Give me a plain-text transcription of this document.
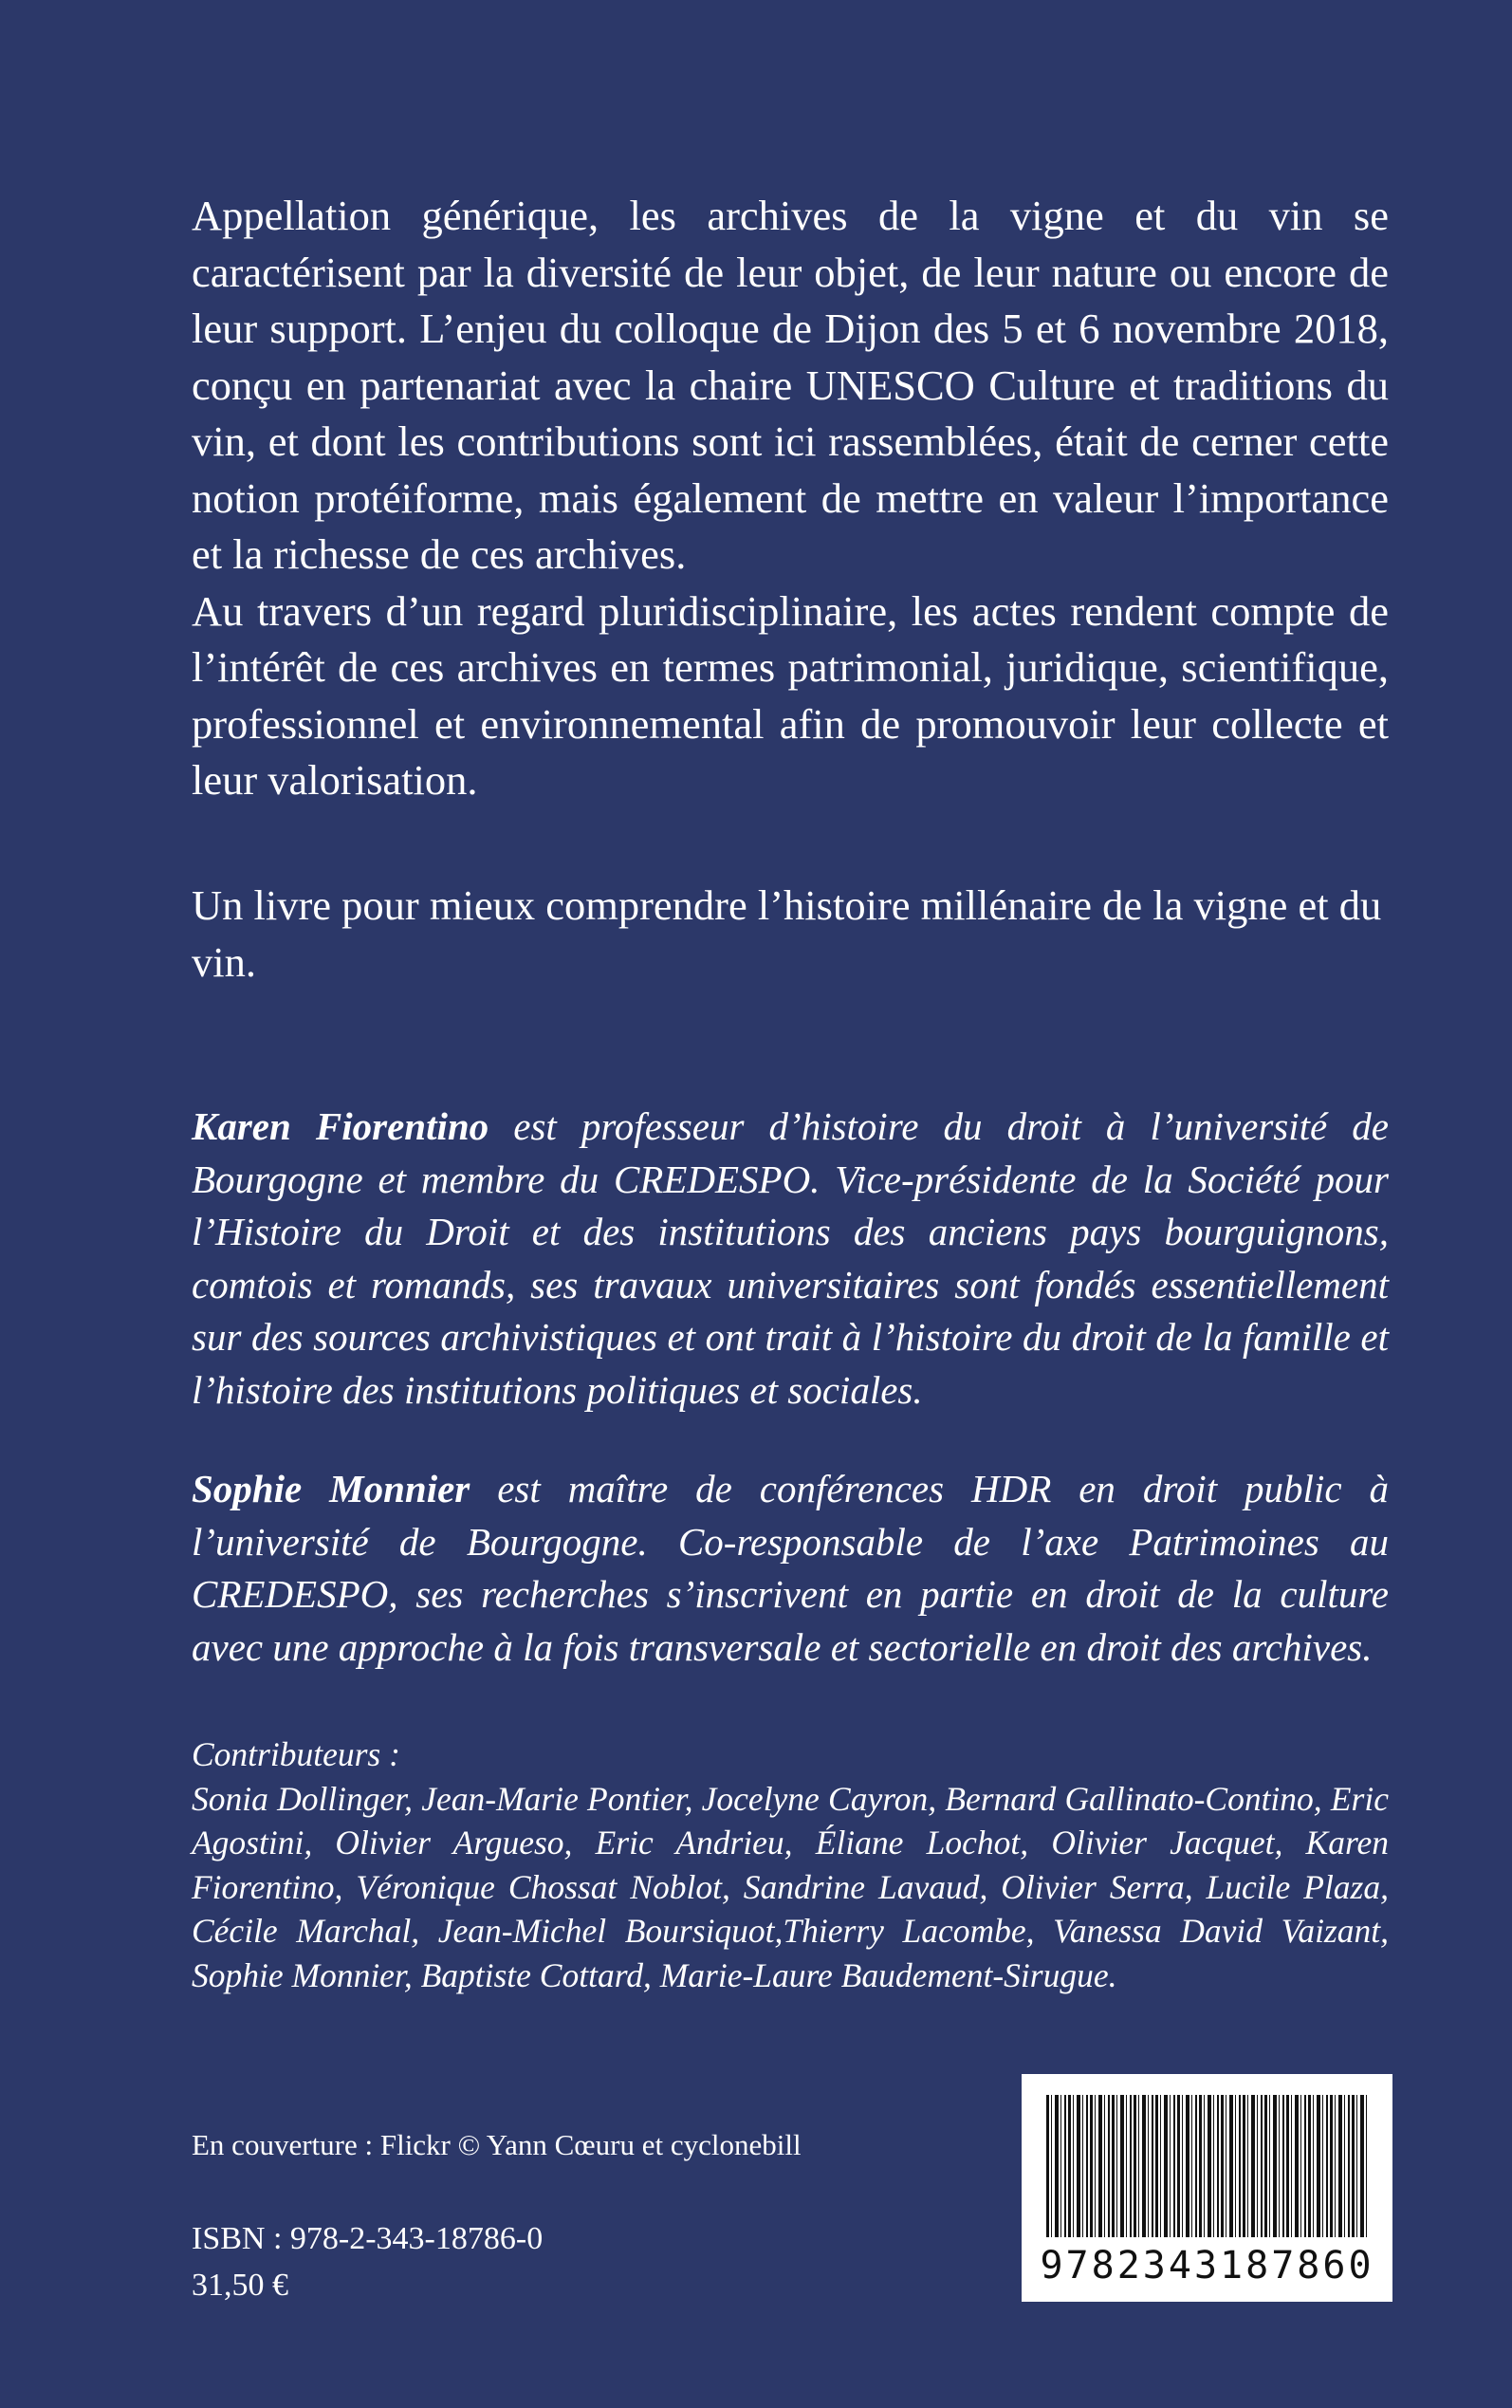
Appellation générique, les archives de la vigne et du vin se caractérisent par la diversité de leur objet, de leur nature ou encore de leur support. L’enjeu du colloque de Dijon des 5 et 6 novembre 2018, conçu en partenariat avec la chaire UNESCO Culture et traditions du vin, et dont les contributions sont ici rassemblées, était de cerner cette notion protéiforme, mais également de mettre en valeur l’importance et la richesse de ces archives.

Au travers d’un regard pluridisciplinaire, les actes rendent compte de l’intérêt de ces archives en termes patrimonial, juridique, scientifique, professionnel et environnemental afin de promouvoir leur collecte et leur valorisation.

Un livre pour mieux comprendre l’histoire millénaire de la vigne et du vin.

Karen Fiorentino est professeur d’histoire du droit à l’université de Bourgogne et membre du CREDESPO. Vice-présidente de la Société pour l’Histoire du Droit et des institutions des anciens pays bourguignons, comtois et romands, ses travaux universitaires sont fondés essentiellement sur des sources archivistiques et ont trait à l’histoire du droit de la famille et l’histoire des institutions politiques et sociales.

Sophie Monnier est maître de conférences HDR en droit public à l’université de Bourgogne. Co-responsable de l’axe Patrimoines au CREDESPO, ses recherches s’inscrivent en partie en droit de la culture avec une approche à la fois transversale et sectorielle en droit des archives.

Contributeurs :
Sonia Dollinger, Jean-Marie Pontier, Jocelyne Cayron, Bernard Gallinato-Contino, Eric Agostini, Olivier Argueso, Eric Andrieu, Éliane Lochot, Olivier Jacquet, Karen Fiorentino, Véronique Chossat Noblot, Sandrine Lavaud, Olivier Serra, Lucile Plaza, Cécile Marchal, Jean-Michel Boursiquot,Thierry Lacombe, Vanessa David Vaizant, Sophie Monnier, Baptiste Cottard, Marie-Laure Baudement-Sirugue.

En couverture : Flickr © Yann Cœuru et cyclonebill

ISBN : 978-2-343-18786-0

31,50 €	9782343187860
